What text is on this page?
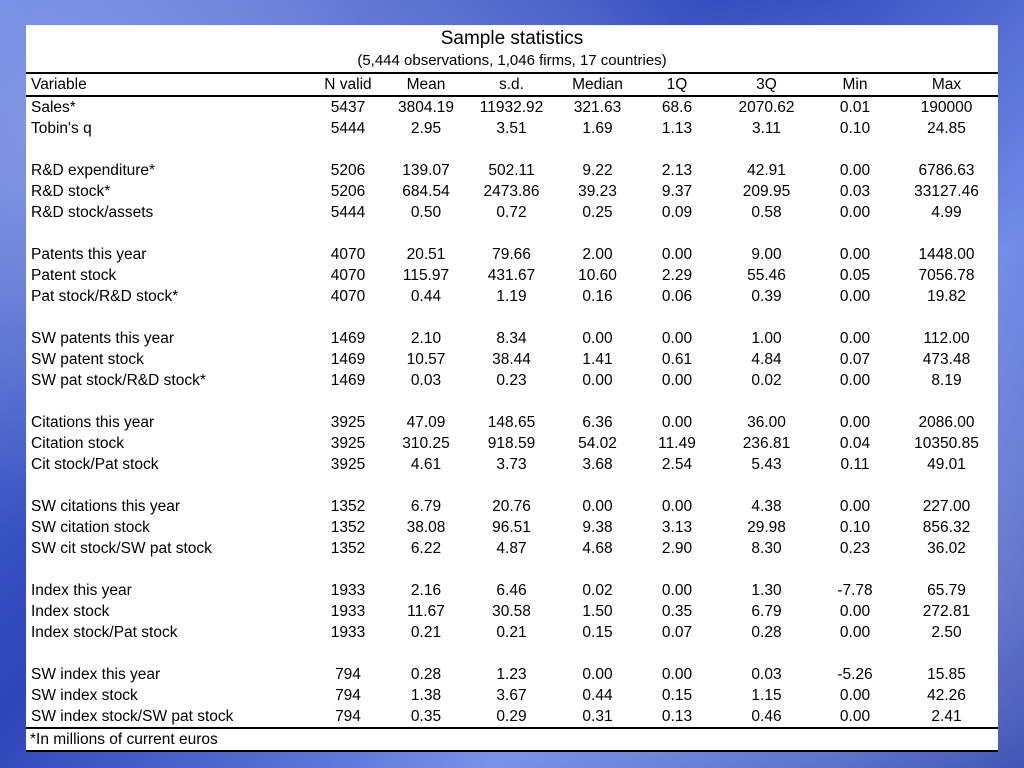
Sample statistics
(5,444 observations, 1,046 firms, 17 countries)
Variable	N valid	Mean	s.d.	Median	1Q	3Q	Min	Max
Sales*	5437	3804.19	11932.92	321.63	68.6	2070.62	0.01	190000
Tobin's q	5444	2.95	3.51	1.69	1.13	3.11	0.10	24.85

R&D expenditure*	5206	139.07	502.11	9.22	2.13	42.91	0.00	6786.63
R&D stock*	5206	684.54	2473.86	39.23	9.37	209.95	0.03	33127.46
R&D stock/assets	5444	0.50	0.72	0.25	0.09	0.58	0.00	4.99

Patents this year	4070	20.51	79.66	2.00	0.00	9.00	0.00	1448.00
Patent stock	4070	115.97	431.67	10.60	2.29	55.46	0.05	7056.78
Pat stock/R&D stock*	4070	0.44	1.19	0.16	0.06	0.39	0.00	19.82

SW patents this year	1469	2.10	8.34	0.00	0.00	1.00	0.00	112.00
SW patent stock	1469	10.57	38.44	1.41	0.61	4.84	0.07	473.48
SW pat stock/R&D stock*	1469	0.03	0.23	0.00	0.00	0.02	0.00	8.19

Citations this year	3925	47.09	148.65	6.36	0.00	36.00	0.00	2086.00
Citation stock	3925	310.25	918.59	54.02	11.49	236.81	0.04	10350.85
Cit stock/Pat stock	3925	4.61	3.73	3.68	2.54	5.43	0.11	49.01

SW citations this year	1352	6.79	20.76	0.00	0.00	4.38	0.00	227.00
SW citation stock	1352	38.08	96.51	9.38	3.13	29.98	0.10	856.32
SW cit stock/SW pat stock	1352	6.22	4.87	4.68	2.90	8.30	0.23	36.02

Index this year	1933	2.16	6.46	0.02	0.00	1.30	-7.78	65.79
Index stock	1933	11.67	30.58	1.50	0.35	6.79	0.00	272.81
Index stock/Pat stock	1933	0.21	0.21	0.15	0.07	0.28	0.00	2.50

SW index this year	794	0.28	1.23	0.00	0.00	0.03	-5.26	15.85
SW index stock	794	1.38	3.67	0.44	0.15	1.15	0.00	42.26
SW index stock/SW pat stock	794	0.35	0.29	0.31	0.13	0.46	0.00	2.41
*In millions of current euros								
